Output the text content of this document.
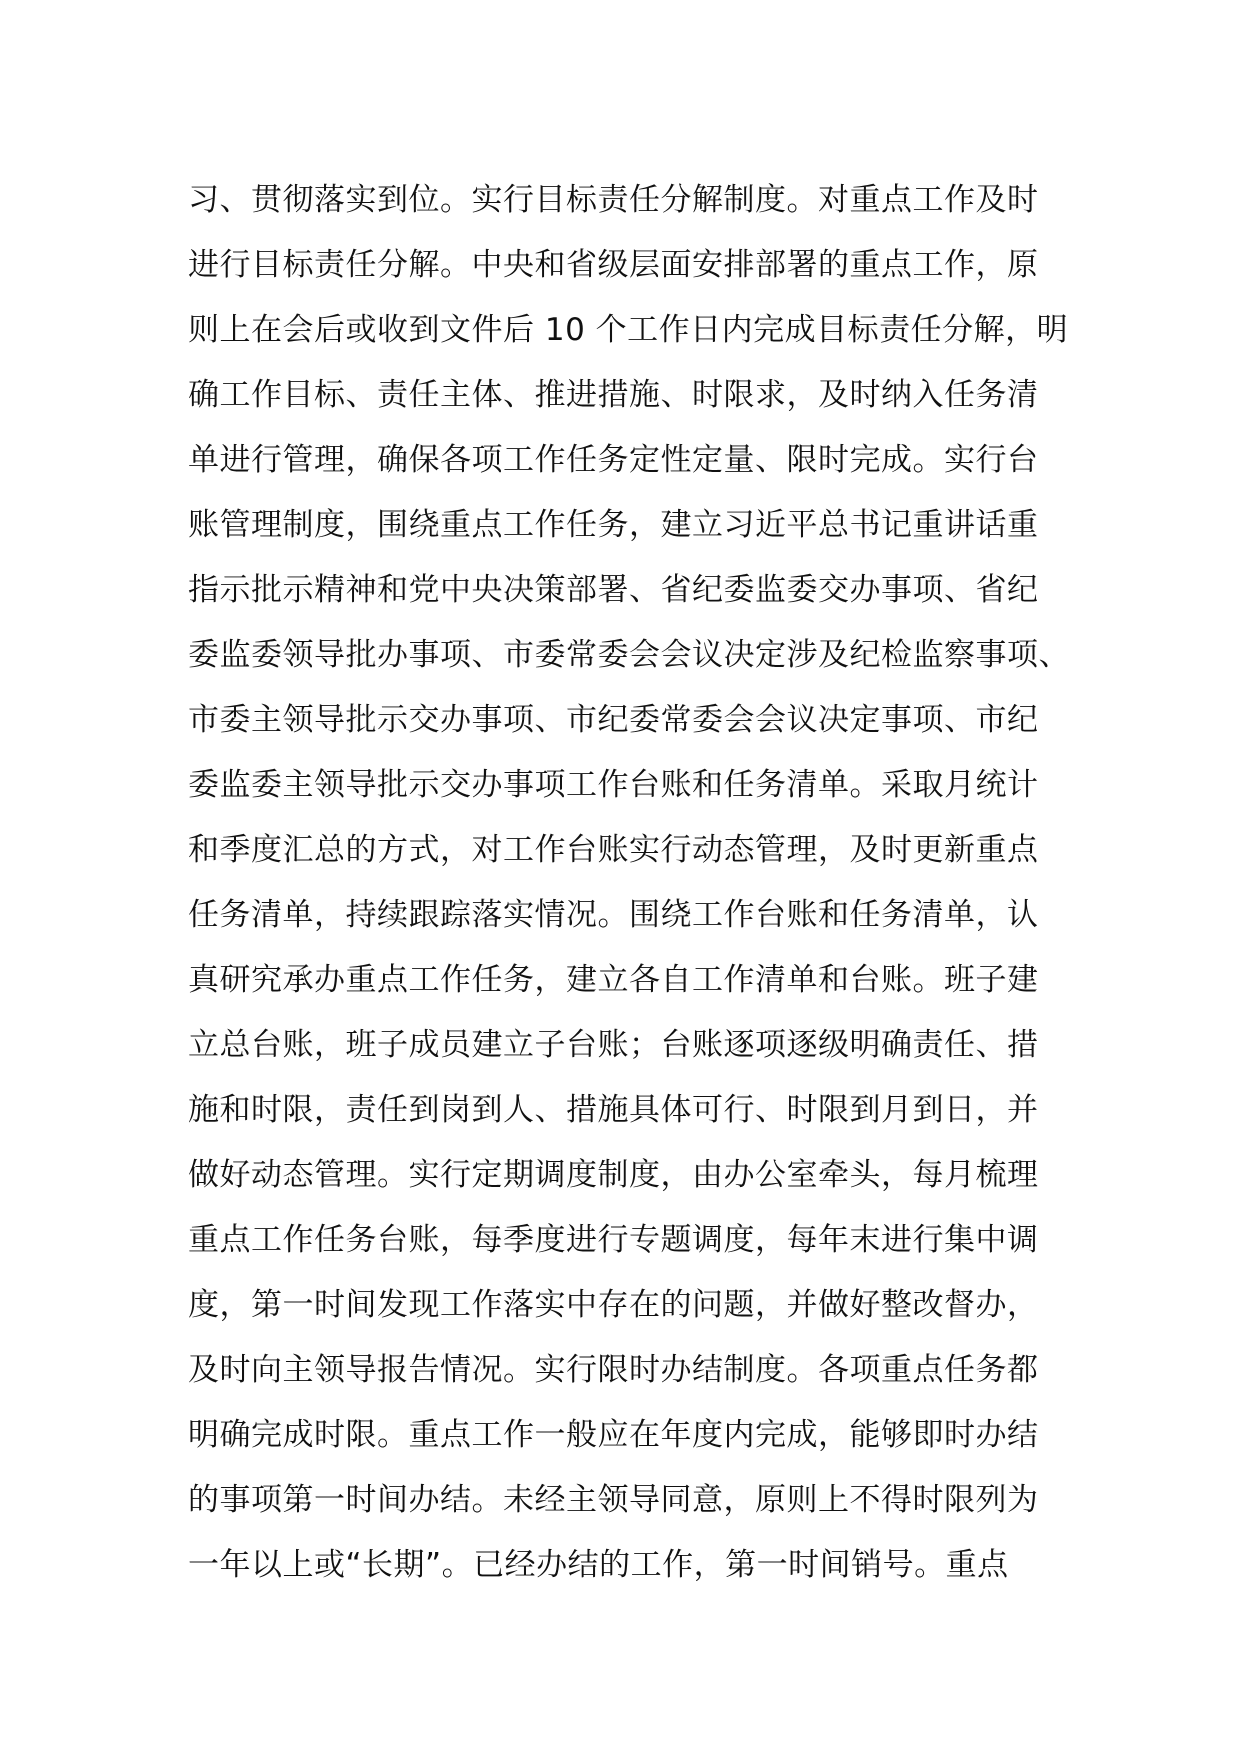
习、贯彻落实到位。实行目标责任分解制度。对重点工作及时
进行目标责任分解。中央和省级层面安排部署的重点工作，原
则上在会后或收到文件后 10 个工作日内完成目标责任分解，明
确工作目标、责任主体、推进措施、时限求，及时纳入任务清
单进行管理，确保各项工作任务定性定量、限时完成。实行台
账管理制度，围绕重点工作任务，建立习近平总书记重讲话重
指示批示精神和党中央决策部署、省纪委监委交办事项、省纪
委监委领导批办事项、市委常委会会议决定涉及纪检监察事项、
市委主领导批示交办事项、市纪委常委会会议决定事项、市纪
委监委主领导批示交办事项工作台账和任务清单。采取月统计
和季度汇总的方式，对工作台账实行动态管理，及时更新重点
任务清单，持续跟踪落实情况。围绕工作台账和任务清单，认
真研究承办重点工作任务，建立各自工作清单和台账。班子建
立总台账，班子成员建立子台账；台账逐项逐级明确责任、措
施和时限，责任到岗到人、措施具体可行、时限到月到日，并
做好动态管理。实行定期调度制度，由办公室牵头，每月梳理
重点工作任务台账，每季度进行专题调度，每年末进行集中调
度，第一时间发现工作落实中存在的问题，并做好整改督办，
及时向主领导报告情况。实行限时办结制度。各项重点任务都
明确完成时限。重点工作一般应在年度内完成，能够即时办结
的事项第一时间办结。未经主领导同意，原则上不得时限列为
一年以上或“长期”。已经办结的工作，第一时间销号。重点
